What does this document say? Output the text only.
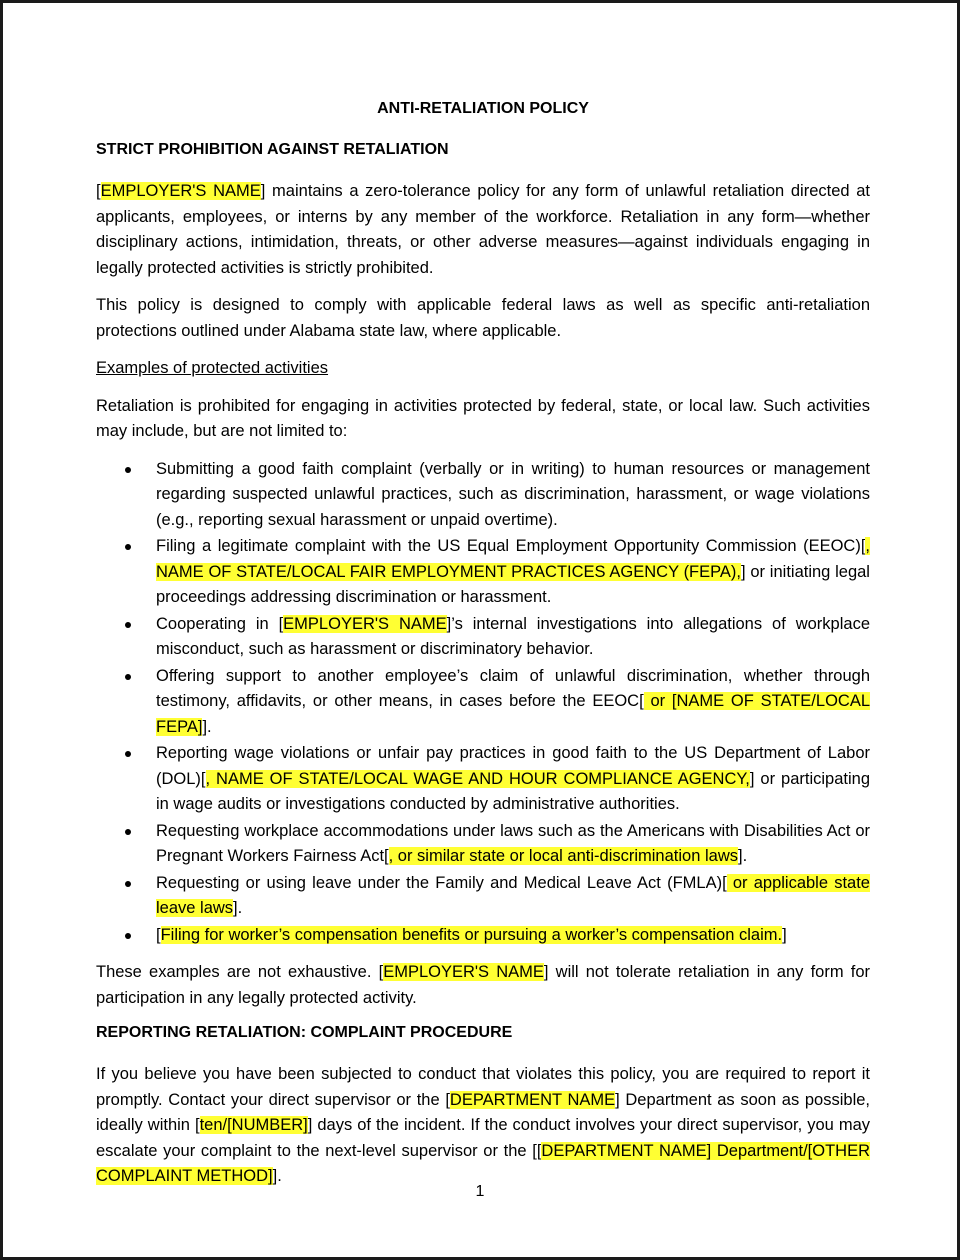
ANTI-RETALIATION POLICY
STRICT PROHIBITION AGAINST RETALIATION

[EMPLOYER'S NAME] maintains a zero-tolerance policy for any form of unlawful retaliation directed at applicants, employees, or interns by any member of the workforce. Retaliation in any form—whether disciplinary actions, intimidation, threats, or other adverse measures—against individuals engaging in legally protected activities is strictly prohibited.

This policy is designed to comply with applicable federal laws as well as specific anti-retaliation protections outlined under Alabama state law, where applicable.

Examples of protected activities

Retaliation is prohibited for engaging in activities protected by federal, state, or local law. Such activities may include, but are not limited to:

Submitting a good faith complaint (verbally or in writing) to human resources or management regarding suspected unlawful practices, such as discrimination, harassment, or wage violations (e.g., reporting sexual harassment or unpaid overtime).
Filing a legitimate complaint with the US Equal Employment Opportunity Commission (EEOC)[, NAME OF STATE/LOCAL FAIR EMPLOYMENT PRACTICES AGENCY (FEPA),] or initiating legal proceedings addressing discrimination or harassment.
Cooperating in [EMPLOYER'S NAME]’s internal investigations into allegations of workplace misconduct, such as harassment or discriminatory behavior.
Offering support to another employee’s claim of unlawful discrimination, whether through testimony, affidavits, or other means, in cases before the EEOC[ or [NAME OF STATE/LOCAL FEPA]].
Reporting wage violations or unfair pay practices in good faith to the US Department of Labor (DOL)[, NAME OF STATE/LOCAL WAGE AND HOUR COMPLIANCE AGENCY,] or participating in wage audits or investigations conducted by administrative authorities.
Requesting workplace accommodations under laws such as the Americans with Disabilities Act or Pregnant Workers Fairness Act[, or similar state or local anti-discrimination laws].
Requesting or using leave under the Family and Medical Leave Act (FMLA)[ or applicable state leave laws].
[Filing for worker’s compensation benefits or pursuing a worker’s compensation claim.]

These examples are not exhaustive. [EMPLOYER'S NAME] will not tolerate retaliation in any form for participation in any legally protected activity.

REPORTING RETALIATION: COMPLAINT PROCEDURE

If you believe you have been subjected to conduct that violates this policy, you are required to report it promptly. Contact your direct supervisor or the [DEPARTMENT NAME] Department as soon as possible, ideally within [ten/[NUMBER]] days of the incident. If the conduct involves your direct supervisor, you may escalate your complaint to the next-level supervisor or the [[DEPARTMENT NAME] Department/[OTHER COMPLAINT METHOD]].

1
